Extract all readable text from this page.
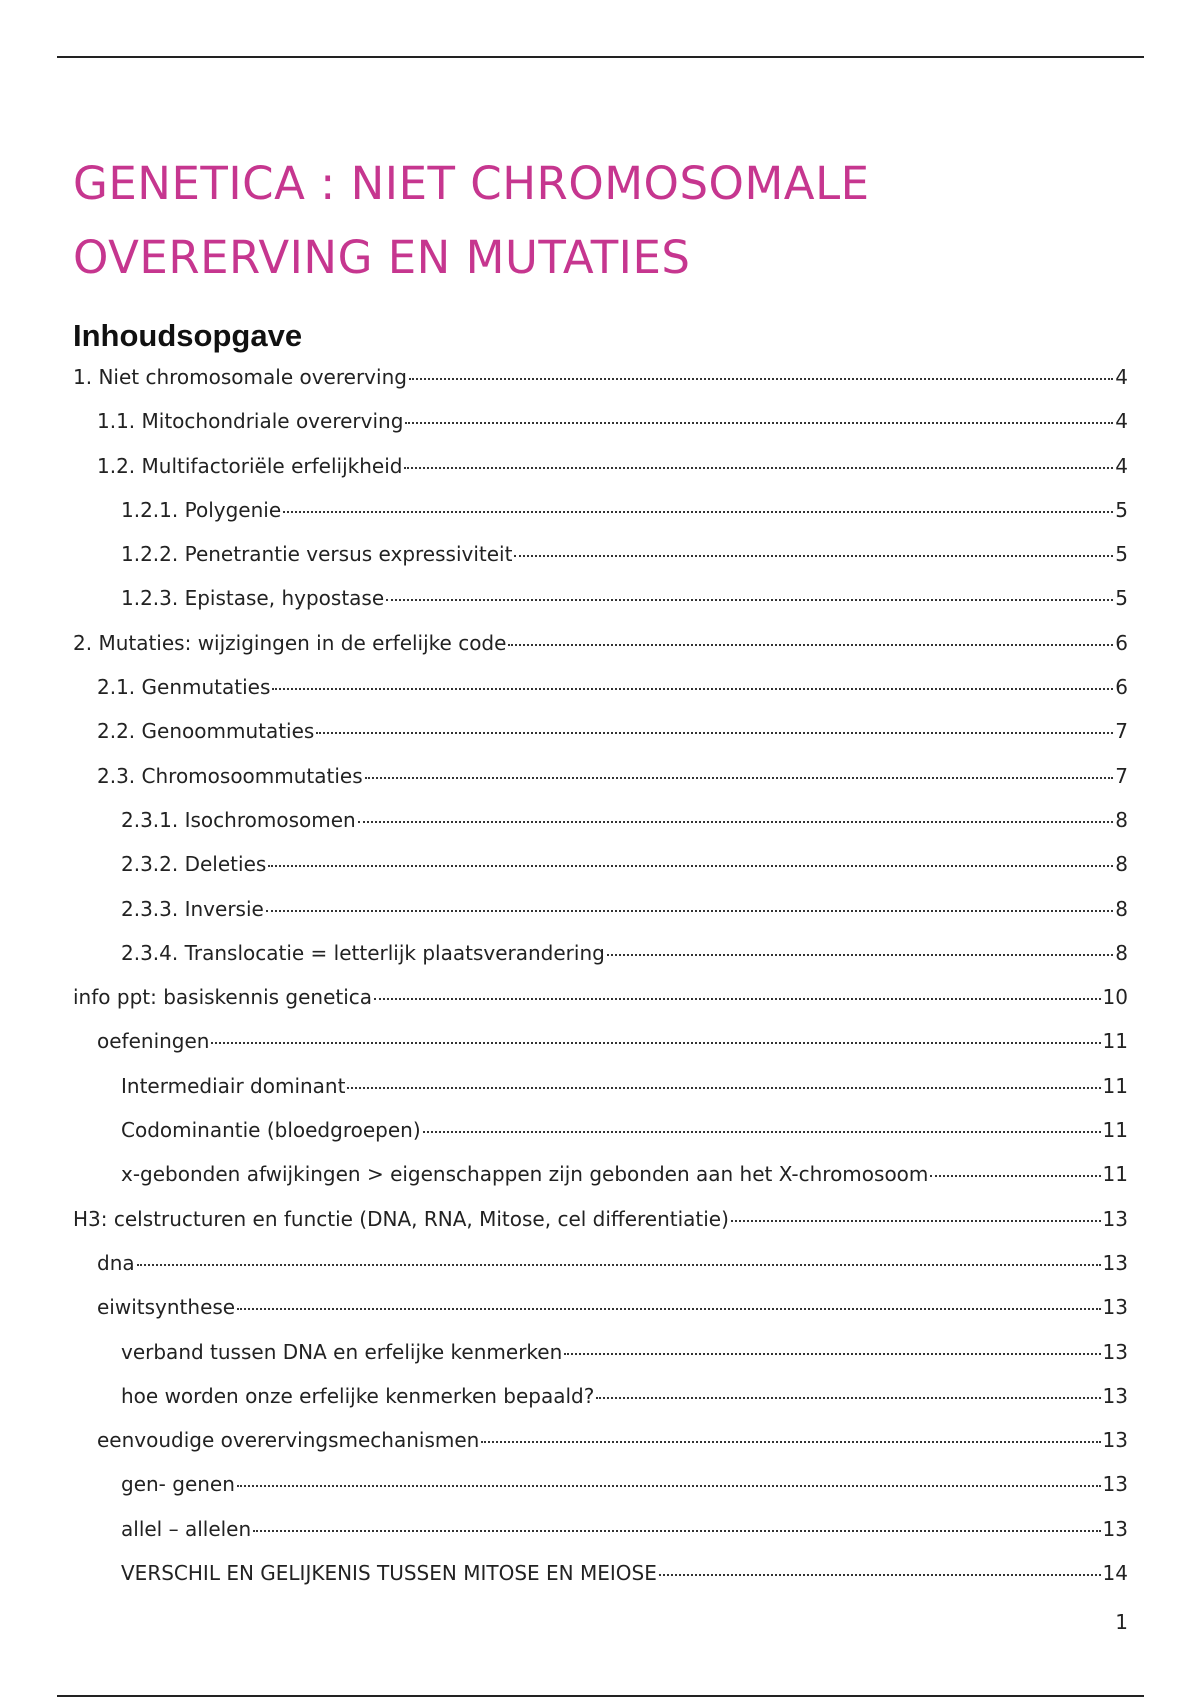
GENETICA : NIET CHROMOSOMALE
OVERERVING EN MUTATIES
Inhoudsopgave
1. Niet chromosomale overerving	4
1.1. Mitochondriale overerving	4
1.2. Multifactoriële erfelijkheid	4
1.2.1. Polygenie	5
1.2.2. Penetrantie versus expressiviteit	5
1.2.3. Epistase, hypostase	5
2. Mutaties: wijzigingen in de erfelijke code	6
2.1. Genmutaties	6
2.2. Genoommutaties	7
2.3. Chromosoommutaties	7
2.3.1. Isochromosomen	8
2.3.2. Deleties	8
2.3.3. Inversie	8
2.3.4. Translocatie = letterlijk plaatsverandering	8
info ppt: basiskennis genetica	10
oefeningen	11
Intermediair dominant	11
Codominantie (bloedgroepen)	11
x-gebonden afwijkingen > eigenschappen zijn gebonden aan het X-chromosoom	11
H3: celstructuren en functie (DNA, RNA, Mitose, cel differentiatie)	13
dna	13
eiwitsynthese	13
verband tussen DNA en erfelijke kenmerken	13
hoe worden onze erfelijke kenmerken bepaald?	13
eenvoudige overervingsmechanismen	13
gen- genen	13
allel – allelen	13
VERSCHIL EN GELIJKENIS TUSSEN MITOSE EN MEIOSE	14
1
